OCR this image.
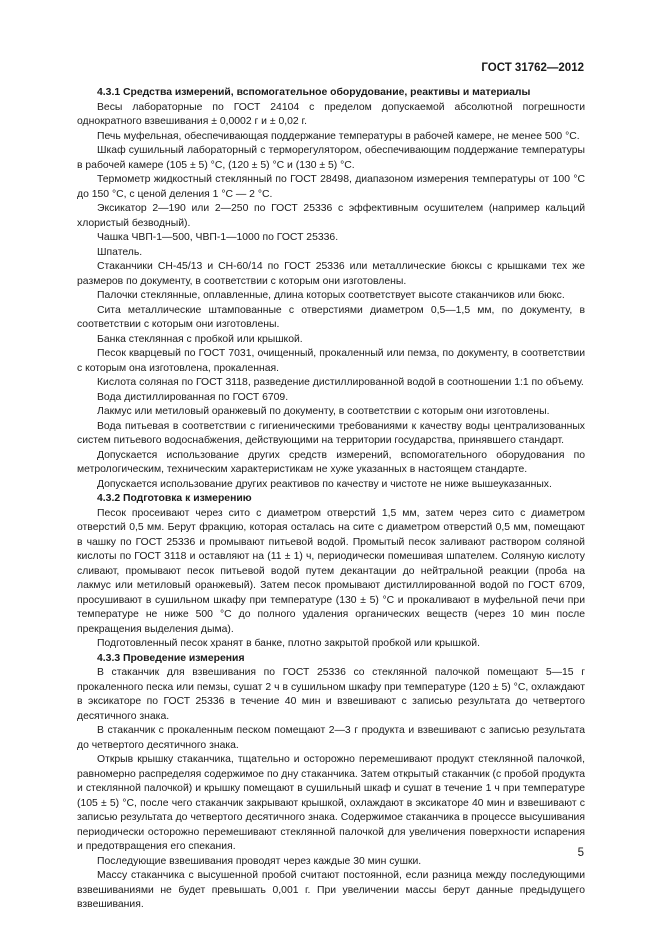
ГОСТ 31762—2012
4.3.1 Средства измерений, вспомогательное оборудование, реактивы и материалы

Весы лабораторные по ГОСТ 24104 с пределом допускаемой абсолютной погрешности однократного взвешивания ± 0,0002 г и ± 0,02 г.

Печь муфельная, обеспечивающая поддержание температуры в рабочей камере, не менее 500 °С.

Шкаф сушильный лабораторный с терморегулятором, обеспечивающим поддержание температуры в рабочей камере (105 ± 5) °С, (120 ± 5) °С и (130 ± 5) °С.

Термометр жидкостный стеклянный по ГОСТ 28498, диапазоном измерения температуры от 100 °С до 150 °С, с ценой деления 1 °С — 2 °С.

Эксикатор 2—190 или 2—250 по ГОСТ 25336 с эффективным осушителем (например кальций хлористый безводный).

Чашка ЧВП-1—500, ЧВП-1—1000 по ГОСТ 25336.

Шпатель.

Стаканчики СН-45/13 и СН-60/14 по ГОСТ 25336 или металлические бюксы с крышками тех же размеров по документу, в соответствии с которым они изготовлены.

Палочки стеклянные, оплавленные, длина которых соответствует высоте стаканчиков или бюкс.

Сита металлические штампованные с отверстиями диаметром 0,5—1,5 мм, по документу, в соответствии с которым они изготовлены.

Банка стеклянная с пробкой или крышкой.

Песок кварцевый по ГОСТ 7031, очищенный, прокаленный или пемза, по документу, в соответствии с которым она изготовлена, прокаленная.

Кислота соляная по ГОСТ 3118, разведение дистиллированной водой в соотношении 1:1 по объему.

Вода дистиллированная по ГОСТ 6709.

Лакмус или метиловый оранжевый по документу, в соответствии с которым они изготовлены.

Вода питьевая в соответствии с гигиеническими требованиями к качеству воды централизованных систем питьевого водоснабжения, действующими на территории государства, принявшего стандарт.

Допускается использование других средств измерений, вспомогательного оборудования по метрологическим, техническим характеристикам не хуже указанных в настоящем стандарте.

Допускается использование других реактивов по качеству и чистоте не ниже вышеуказанных.

4.3.2 Подготовка к измерению

Песок просеивают через сито с диаметром отверстий 1,5 мм, затем через сито с диаметром отверстий 0,5 мм. Берут фракцию, которая осталась на сите с диаметром отверстий 0,5 мм, помещают в чашку по ГОСТ 25336 и промывают питьевой водой. Промытый песок заливают раствором соляной кислоты по ГОСТ 3118 и оставляют на (11 ± 1) ч, периодически помешивая шпателем. Соляную кислоту сливают, промывают песок питьевой водой путем декантации до нейтральной реакции (проба на лакмус или метиловый оранжевый). Затем песок промывают дистиллированной водой по ГОСТ 6709, просушивают в сушильном шкафу при температуре (130 ± 5) °С и прокаливают в муфельной печи при температуре не ниже 500 °С до полного удаления органических веществ (через 10 мин после прекращения выделения дыма).

Подготовленный песок хранят в банке, плотно закрытой пробкой или крышкой.

4.3.3 Проведение измерения

В стаканчик для взвешивания по ГОСТ 25336 со стеклянной палочкой помещают 5—15 г прокаленного песка или пемзы, сушат 2 ч в сушильном шкафу при температуре (120 ± 5) °С, охлаждают в эксикаторе по ГОСТ 25336 в течение 40 мин и взвешивают с записью результата до четвертого десятичного знака.

В стаканчик с прокаленным песком помещают 2—3 г продукта и взвешивают с записью результата до четвертого десятичного знака.

Открыв крышку стаканчика, тщательно и осторожно перемешивают продукт стеклянной палочкой, равномерно распределяя содержимое по дну стаканчика. Затем открытый стаканчик (с пробой продукта и стеклянной палочкой) и крышку помещают в сушильный шкаф и сушат в течение 1 ч при температуре (105 ± 5) °С, после чего стаканчик закрывают крышкой, охлаждают в эксикаторе 40 мин и взвешивают с записью результата до четвертого десятичного знака. Содержимое стаканчика в процессе высушивания периодически осторожно перемешивают стеклянной палочкой для увеличения поверхности испарения и предотвращения его спекания.

Последующие взвешивания проводят через каждые 30 мин сушки.

Массу стаканчика с высушенной пробой считают постоянной, если разница между последующими взвешиваниями не будет превышать 0,001 г. При увеличении массы берут данные предыдущего взвешивания.

5
